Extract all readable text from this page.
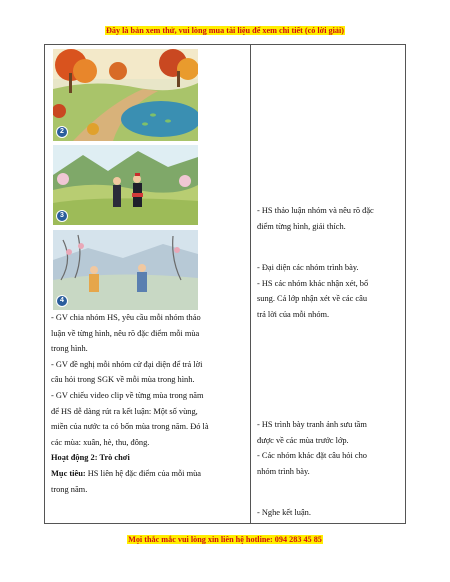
Đây là bản xem thử, vui lòng mua tài liệu để xem chi tiết (có lời giải)
2
3
4
- GV chia nhóm HS, yêu cầu mỗi nhóm thảo
luận về từng hình, nêu rõ đặc điểm mỗi mùa
trong hình.
- GV đề nghị mỗi nhóm cử đại diện để trả lời
câu hỏi trong SGK về mỗi mùa trong hình.
- GV chiếu video clip về từng mùa trong năm
để HS dễ dàng rút ra kết luận: Một số vùng,
miền của nước ta có bốn mùa trong năm. Đó là
các mùa: xuân, hè, thu, đông.
Hoạt động 2: Trò chơi
Mục tiêu: HS liên hệ đặc điểm của mỗi mùa
trong năm.
- HS thảo luận nhóm và nêu rõ đặc
điểm từng hình, giải thích.
- Đại diện các nhóm trình bày.
- HS các nhóm khác nhận xét, bổ
sung. Cả lớp nhận xét về các câu
trả lời của mỗi nhóm.
- HS trình bày tranh ảnh sưu tầm
được về các mùa trước lớp.
- Các nhóm khác đặt câu hỏi cho
nhóm trình bày.
- Nghe kết luận.
Mọi thắc mắc vui lòng xin liên hệ hotline: 094 283 45 85
